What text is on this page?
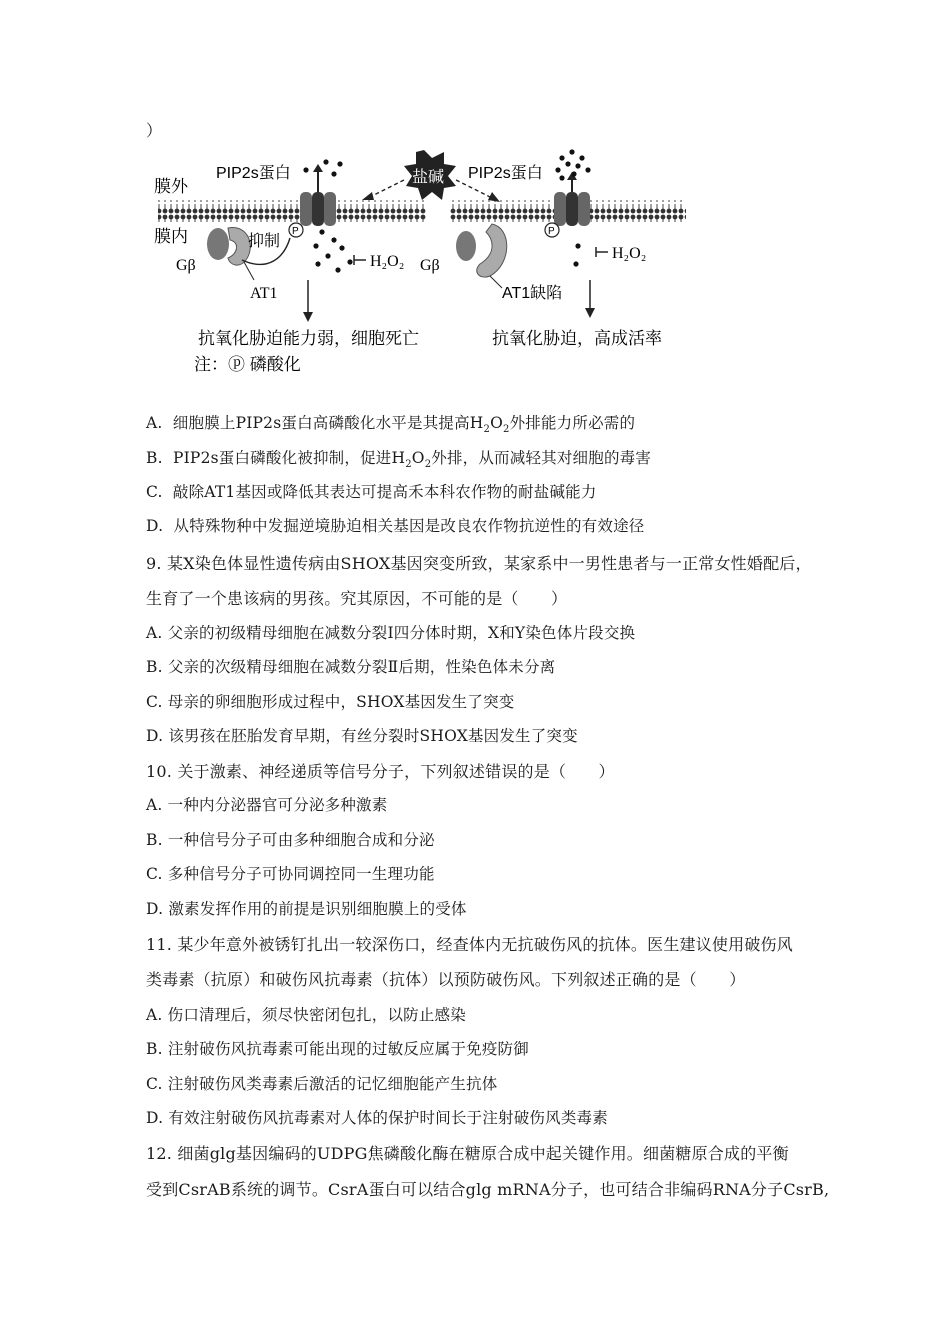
）
膜外
膜内
PIP2s蛋白
P
H₂O₂
Gβ
抑制
AT1
抗氧化胁迫能力弱，细胞死亡
注：ⓟ 磷酸化
盐碱 PIP2s蛋白
P
H₂O₂
Gβ
AT1缺陷
抗氧化胁迫，高成活率
A. 细胞膜上PIP2s蛋白高磷酸化水平是其提高$H_2O_2$外排能力所必需的
B. PIP2s蛋白磷酸化被抑制，促进$H_2O_2$外排，从而减轻其对细胞的毒害
C. 敲除AT1基因或降低其表达可提高禾本科农作物的耐盐碱能力
D. 从特殊物种中发掘逆境胁迫相关基因是改良农作物抗逆性的有效途径
9. 某X染色体显性遗传病由SHOX基因突变所致，某家系中一男性患者与一正常女性婚配后，
生育了一个患该病的男孩。究其原因，不可能的是（　　）
A. 父亲的初级精母细胞在减数分裂Ⅰ四分体时期，X和Y染色体片段交换
B. 父亲的次级精母细胞在减数分裂Ⅱ后期，性染色体未分离
C. 母亲的卵细胞形成过程中，SHOX基因发生了突变
D. 该男孩在胚胎发育早期，有丝分裂时SHOX基因发生了突变
10. 关于激素、神经递质等信号分子，下列叙述错误的是（　　）
A. 一种内分泌器官可分泌多种激素
B. 一种信号分子可由多种细胞合成和分泌
C. 多种信号分子可协同调控同一生理功能
D. 激素发挥作用的前提是识别细胞膜上的受体
11. 某少年意外被锈钉扎出一较深伤口，经查体内无抗破伤风的抗体。医生建议使用破伤风
类毒素（抗原）和破伤风抗毒素（抗体）以预防破伤风。下列叙述正确的是（　　）
A. 伤口清理后，须尽快密闭包扎，以防止感染
B. 注射破伤风抗毒素可能出现的过敏反应属于免疫防御
C. 注射破伤风类毒素后激活的记忆细胞能产生抗体
D. 有效注射破伤风抗毒素对人体的保护时间长于注射破伤风类毒素
12. 细菌glg基因编码的UDPG焦磷酸化酶在糖原合成中起关键作用。细菌糖原合成的平衡
受到CsrAB系统的调节。CsrA蛋白可以结合glg mRNA分子，也可结合非编码RNA分子CsrB,
